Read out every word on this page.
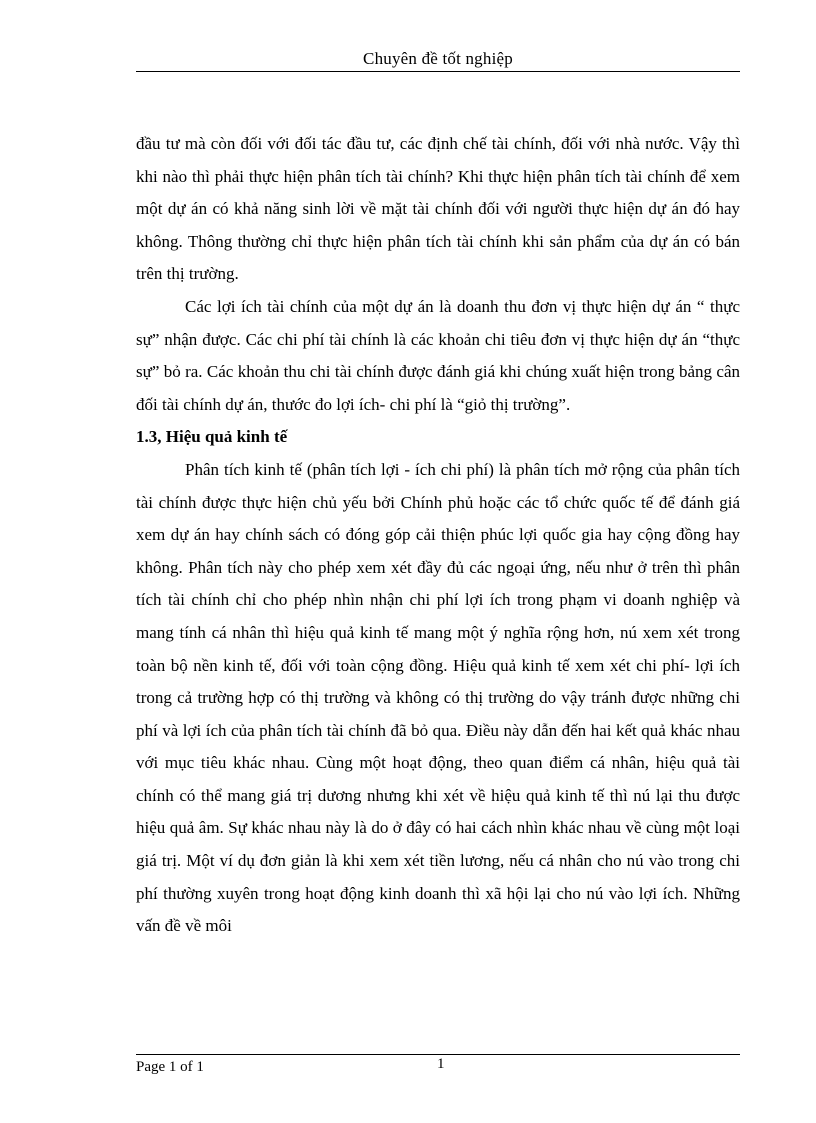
Chuyên đề tốt nghiệp

đầu tư mà còn đối với đối tác đầu tư, các định chế tài chính, đối với nhà nước. Vậy thì khi nào thì phải thực hiện phân tích tài chính? Khi thực hiện phân tích tài chính để xem một dự án có khả năng sinh lời về mặt tài chính đối với người thực hiện dự án đó hay không. Thông thường chỉ thực hiện phân tích tài chính khi sản phẩm của dự án có bán trên thị trường.

Các lợi ích tài chính của một dự án là doanh thu đơn vị thực hiện dự án “ thực sự” nhận được. Các chi phí tài chính là các khoản chi tiêu đơn vị thực hiện dự án “thực sự” bỏ ra. Các khoản thu chi tài chính được đánh giá khi chúng xuất hiện trong bảng cân đối tài chính dự án, thước đo lợi ích- chi phí là “giỏ thị trường”.

1.3, Hiệu quả kinh tế

Phân tích kinh tế (phân tích lợi - ích chi phí) là phân tích mở rộng của phân tích tài chính được thực hiện chủ yếu bởi Chính phủ hoặc các tổ chức quốc tế để đánh giá xem dự án hay chính sách có đóng góp cải thiện phúc lợi quốc gia hay cộng đồng hay không. Phân tích này cho phép xem xét đầy đủ các ngoại ứng, nếu như ở trên thì phân tích tài chính chỉ cho phép nhìn nhận chi phí lợi ích trong phạm vi doanh nghiệp và mang tính cá nhân thì hiệu quả kinh tế mang một ý nghĩa rộng hơn, nú xem xét trong toàn bộ nền kinh tế, đối với toàn cộng đồng. Hiệu quả kinh tế xem xét chi phí- lợi ích trong cả trường hợp có thị trường và không có thị trường do vậy tránh được những chi phí và lợi ích của phân tích tài chính đã bỏ qua. Điều này dẫn đến hai kết quả khác nhau với mục tiêu khác nhau. Cùng một hoạt động, theo quan điểm cá nhân, hiệu quả tài chính có thể mang giá trị dương nhưng khi xét về hiệu quả kinh tế thì nú lại thu được hiệu quả âm. Sự khác nhau này là do ở đây có hai cách nhìn khác nhau về cùng một loại giá trị. Một ví dụ đơn giản là khi xem xét tiền lương, nếu cá nhân cho nú vào trong chi phí thường xuyên trong hoạt động kinh doanh thì xã hội lại cho nú vào lợi ích. Những vấn đề về môi

Page 1 of 1	1
